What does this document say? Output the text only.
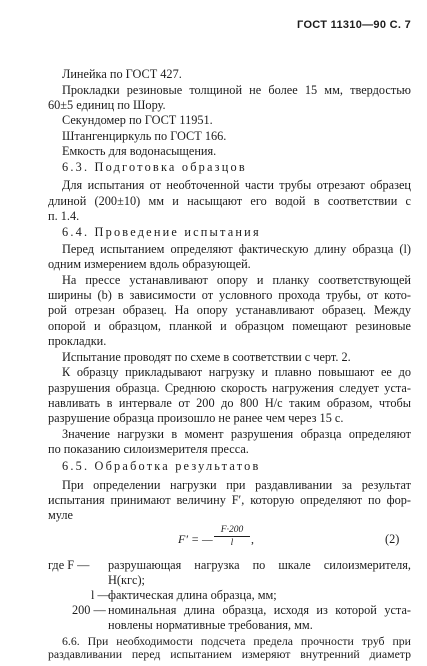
ГОСТ 11310—90 С. 7
Линейка по ГОСТ 427.
Прокладки резиновые толщиной не более 15 мм, твердостью
60±5 единиц по Шору.
Секундомер по ГОСТ 11951.
Штангенциркуль по ГОСТ 166.
Емкость для водонасыщения.
6.3. Подготовка образцов
Для испытания от необточенной части трубы отрезают образец
длиной (200±10) мм и насыщают его водой в соответствии с
п. 1.4.
6.4. Проведение испытания
Перед испытанием определяют фактическую длину образца (l)
одним измерением вдоль образующей.
На прессе устанавливают опору и планку соответствующей
ширины (b) в зависимости от условного прохода трубы, от кото-
рой отрезан образец. На опору устанавливают образец. Между
опорой и образцом, планкой и образцом помещают резиновые
прокладки.
Испытание проводят по схеме в соответствии с черт. 2.
К образцу прикладывают нагрузку и плавно повышают ее до
разрушения образца. Среднюю скорость нагружения следует уста-
навливать в интервале от 200 до 800 Н/с таким образом, чтобы
разрушение образца произошло не ранее чем через 15 с.
Значение нагрузки в момент разрушения образца определяют
по показанию силоизмерителя пресса.
6.5. Обработка результатов
При определении нагрузки при раздавливании за результат
испытания принимают величину F′, которую определяют по фор-
муле
F′ = — $\frac{F\cdot 200}{l}$ ,	(2)
где F — разрушающая нагрузка по шкале силоизмерителя,
Н(кгс);
l —
фактическая длина образца, мм;
200 — номинальная длина образца, исходя из которой уста-
новлены нормативные требования, мм.
6.6. При необходимости подсчета предела прочности труб при
раздавливании перед испытанием измеряют внутренний диаметр
